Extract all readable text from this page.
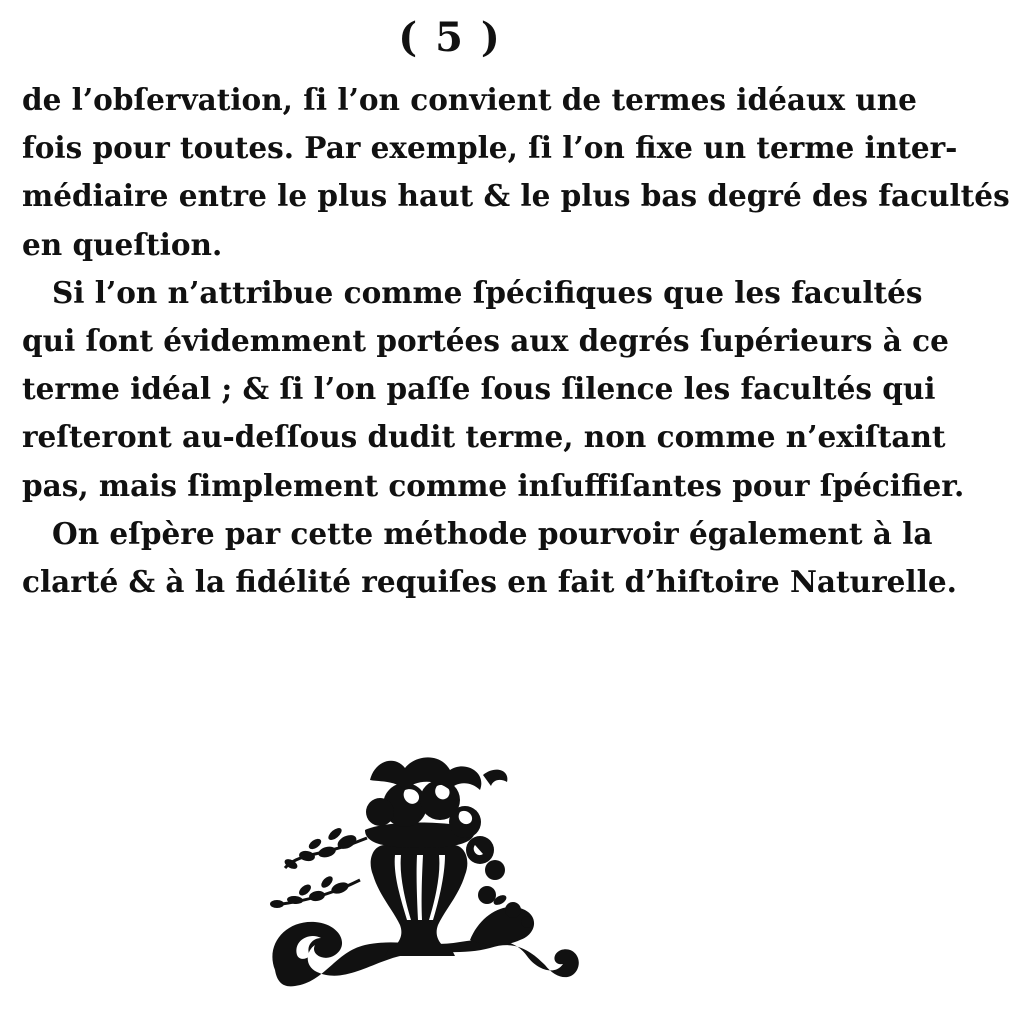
( 5 )
de l’obſervation, ſi l’on convient de termes idéaux une
fois pour toutes. Par exemple, ſi l’on fixe un terme inter-
médiaire entre le plus haut & le plus bas degré des facultés
en queſtion.
Si l’on n’attribue comme ſpécifiques que les facultés
qui ſont évidemment portées aux degrés ſupérieurs à ce
terme idéal ; & ſi l’on paſſe ſous ſilence les facultés qui
reſteront au-deſſous dudit terme, non comme n’exiſtant
pas, mais ſimplement comme inſuffiſantes pour ſpécifier.
On eſpère par cette méthode pourvoir également à la
clarté & à la fidélité requiſes en fait d’hiſtoire Naturelle.
